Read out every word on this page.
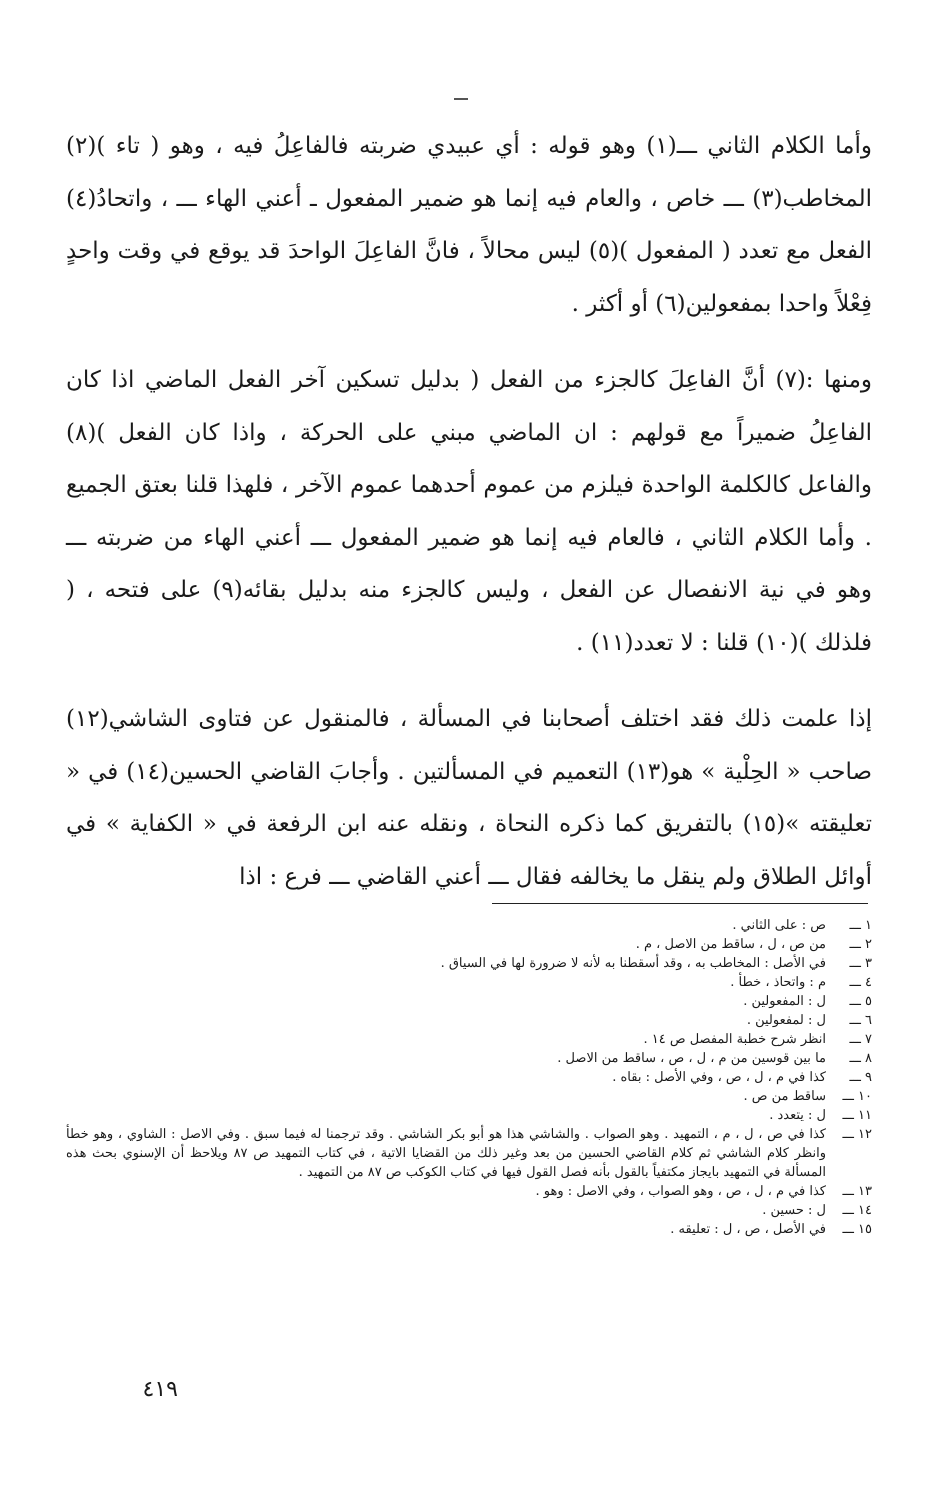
وأما الكلام الثاني ـــ(١) وهو قوله : أي عبيدي ضربته فالفاعِلُ فيه ، وهو ( تاء )(٢) المخاطب(٣) ـــ خاص ، والعام فيه إنما هو ضمير المفعول ـ أعني الهاء ـــ ، واتحادُ(٤) الفعل مع تعدد ( المفعول )(٥) ليس محالاً ، فانَّ الفاعِلَ الواحدَ قد يوقع في وقت واحدٍ فِعْلاً واحدا بمفعولين(٦) أو أكثر .

ومنها :(٧) أنَّ الفاعِلَ كالجزء من الفعل ( بدليل تسكين آخر الفعل الماضي اذا كان الفاعِلُ ضميراً مع قولهم : ان الماضي مبني على الحركة ، واذا كان الفعل )(٨) والفاعل كالكلمة الواحدة فيلزم من عموم أحدهما عموم الآخر ، فلهذا قلنا بعتق الجميع . وأما الكلام الثاني ، فالعام فيه إنما هو ضمير المفعول ـــ أعني الهاء من ضربته ـــ وهو في نية الانفصال عن الفعل ، وليس كالجزء منه بدليل بقائه(٩) على فتحه ، ( فلذلك )(١٠) قلنا : لا تعدد(١١) .

إذا علمت ذلك فقد اختلف أصحابنا في المسألة ، فالمنقول عن فتاوى الشاشي(١٢) صاحب « الحِلْية » هو(١٣) التعميم في المسألتين . وأجابَ القاضي الحسين(١٤) في « تعليقته »(١٥) بالتفريق كما ذكره النحاة ، ونقله عنه ابن الرفعة في « الكفاية » في أوائل الطلاق ولم ينقل ما يخالفه فقال ـــ أعني القاضي ـــ فرع : اذا

١ ـــ
ص : على الثاني .
٢ ـــ
من ص ، ل ، ساقط من الاصل ، م .
٣ ـــ
في الأصل : المخاطب به ، وقد أسقطنا به لأنه لا ضرورة لها في السياق .
٤ ـــ
م : واتحاذ ، خطأ .
٥ ـــ
ل : المفعولين .
٦ ـــ
ل : لمفعولين .
٧ ـــ
انظر شرح خطبة المفصل ص ١٤ .
٨ ـــ
ما بين قوسين من م ، ل ، ص ، ساقط من الاصل .
٩ ـــ
كذا في م ، ل ، ص ، وفي الأصل : بقاه .
١٠ ـــ
ساقط من ص .
١١ ـــ
ل : يتعدد .
١٢ ـــ
كذا في ص ، ل ، م ، التمهيد . وهو الصواب . والشاشي هذا هو أبو بكر الشاشي . وقد ترجمنا له فيما سبق . وفي الاصل : الشاوي ، وهو خطأ وانظر كلام الشاشي ثم كلام القاضي الحسين من بعد وغير ذلك من القضايا الاتية ، في كتاب التمهيد ص ٨٧ ويلاحظ أن الإسنوي بحث هذه المسألة في التمهيد بايجاز مكتفياً بالقول بأنه فصل القول فيها في كتاب الكوكب ص ٨٧ من التمهيد .
١٣ ـــ
كذا في م ، ل ، ص ، وهو الصواب ، وفي الاصل : وهو .
١٤ ـــ
ل : حسين .
١٥ ـــ
في الأصل ، ص ، ل : تعليقه .
٤١٩
